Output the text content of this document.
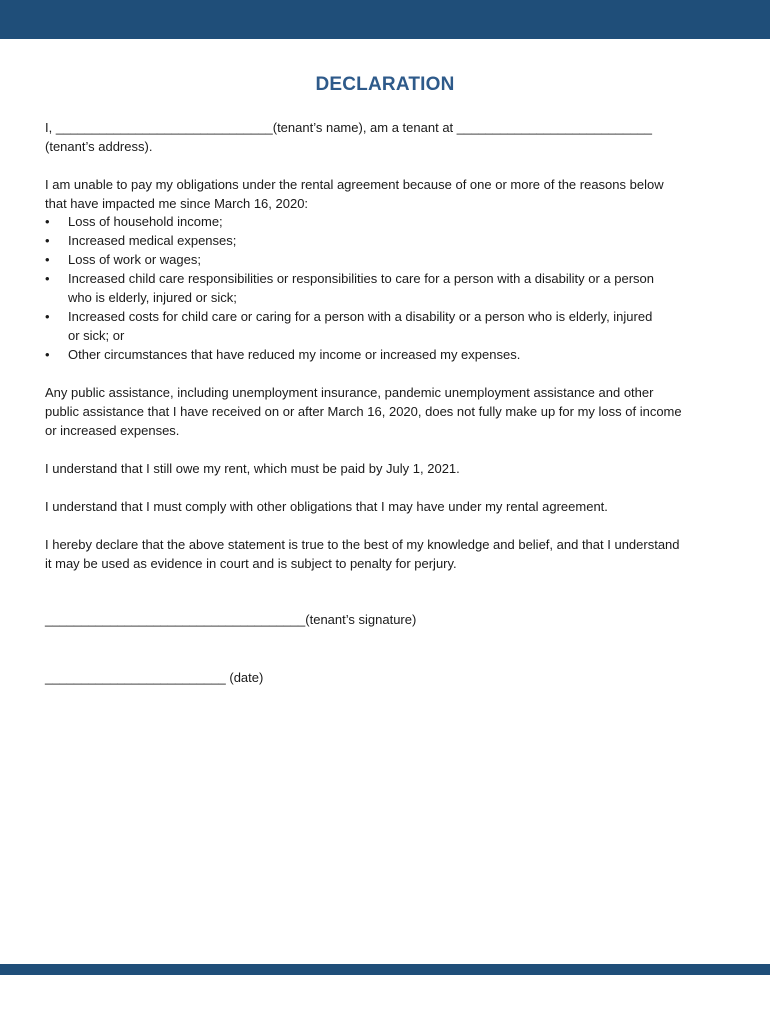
DECLARATION
I, ______________________________(tenant’s name), am a tenant at ___________________________
(tenant’s address).
I am unable to pay my obligations under the rental agreement because of one or more of the reasons below
that have impacted me since March 16, 2020:
• Loss of household income;
• Increased medical expenses;
• Loss of work or wages;
• Increased child care responsibilities or responsibilities to care for a person with a disability or a person
who is elderly, injured or sick;
• Increased costs for child care or caring for a person with a disability or a person who is elderly, injured
or sick; or
• Other circumstances that have reduced my income or increased my expenses.
Any public assistance, including unemployment insurance, pandemic unemployment assistance and other
public assistance that I have received on or after March 16, 2020, does not fully make up for my loss of income
or increased expenses.
I understand that I still owe my rent, which must be paid by July 1, 2021.
I understand that I must comply with other obligations that I may have under my rental agreement.
I hereby declare that the above statement is true to the best of my knowledge and belief, and that I understand
it may be used as evidence in court and is subject to penalty for perjury.
____________________________________(tenant’s signature)
_________________________ (date)
